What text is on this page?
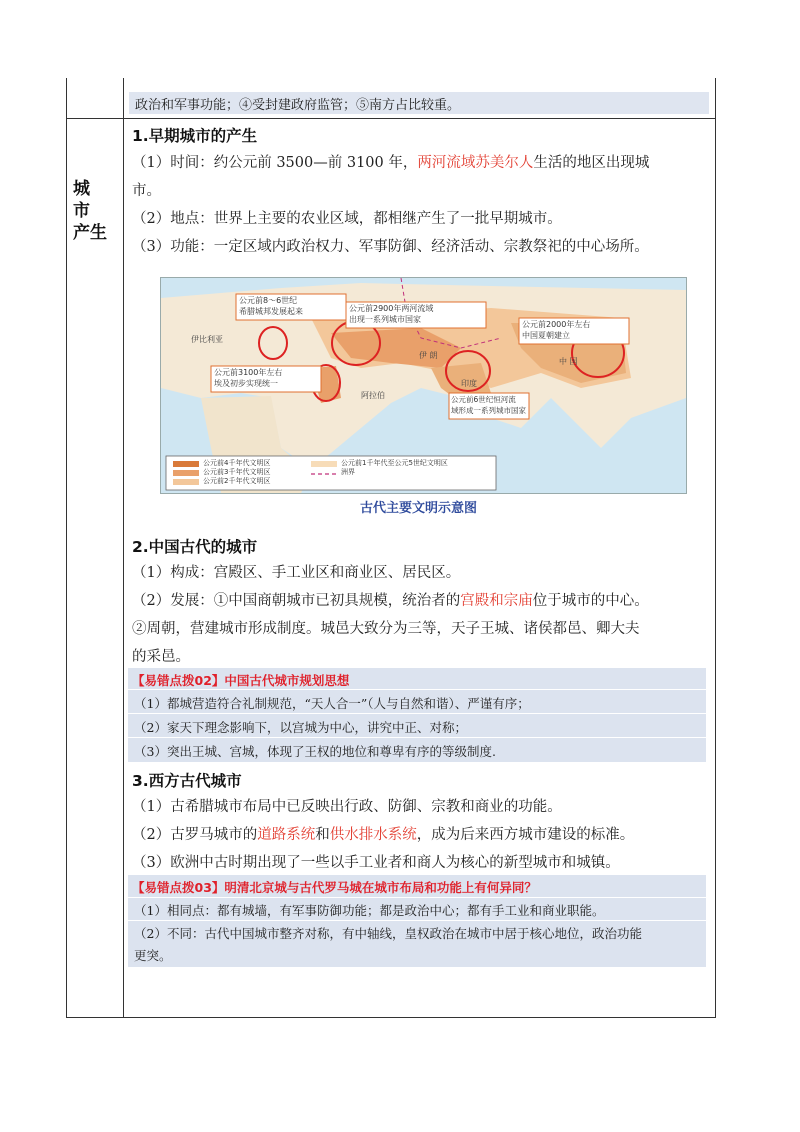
政治和军事功能；④受封建政府监管；⑤南方占比较重。
城市
产生
1.早期城市的产生
（1）时间：约公元前 3500—前 3100 年，两河流域苏美尔人生活的地区出现城
市。
（2）地点：世界上主要的农业区域，都相继产生了一批早期城市。
（3）功能：一定区域内政治权力、军事防御、经济活动、宗教祭祀的中心场所。
公元前8～6世纪
希腊城邦发展起来	公元前2900年两河流域
出现一系列城市国家
公元前2000年左右
中国夏朝建立
公元前3100年左右
埃及初步实现统一
公元前6世纪恒河流
域形成一系列城市国家
伊比利亚
伊 朗
阿拉伯
中 国
印度
公元前4千年代文明区
公元前3千年代文明区
公元前2千年代文明区
公元前1千年代至公元5世纪文明区
洲界
古代主要文明示意图
2.中国古代的城市
（1）构成：宫殿区、手工业区和商业区、居民区。
（2）发展：①中国商朝城市已初具规模，统治者的宫殿和宗庙位于城市的中心。
②周朝，营建城市形成制度。城邑大致分为三等，天子王城、诸侯都邑、卿大夫
的采邑。
【易错点拨02】中国古代城市规划思想
（1）都城营造符合礼制规范，“天人合一”（人与自然和谐）、严谨有序；
（2）家天下理念影响下，以宫城为中心，讲究中正、对称；
（3）突出王城、宫城，体现了王权的地位和尊卑有序的等级制度.
3.西方古代城市
（1）古希腊城市布局中已反映出行政、防御、宗教和商业的功能。
（2）古罗马城市的道路系统和供水排水系统，成为后来西方城市建设的标准。
（3）欧洲中古时期出现了一些以手工业者和商人为核心的新型城市和城镇。
【易错点拨03】明清北京城与古代罗马城在城市布局和功能上有何异同？
（1）相同点：都有城墙，有军事防御功能；都是政治中心；都有手工业和商业职能。
（2）不同：古代中国城市整齐对称，有中轴线，皇权政治在城市中居于核心地位，政治功能
更突。
